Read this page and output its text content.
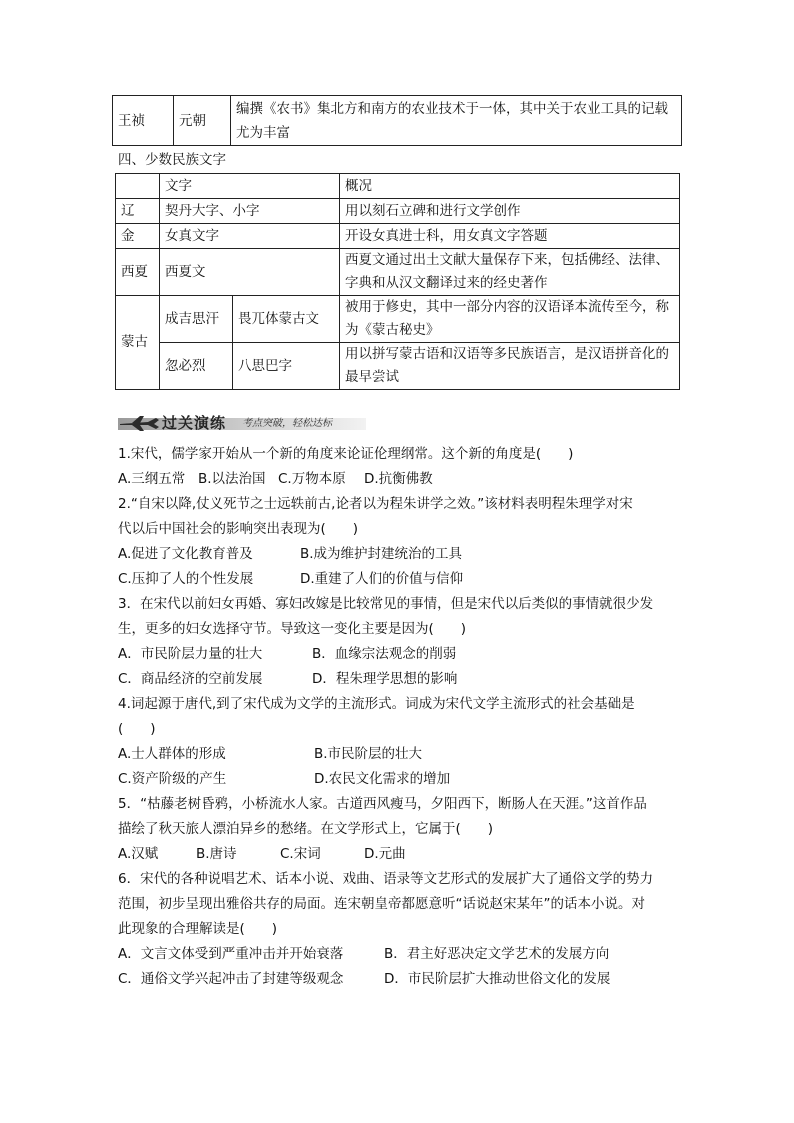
王祯	元朝	编撰《农书》集北方和南方的农业技术于一体，其中关于农业工具的记载尤为丰富
四、少数民族文字
	文字		概况
辽	契丹大字、小字		用以刻石立碑和进行文学创作
金	女真文字		开设女真进士科，用女真文字答题
西夏	西夏文		西夏文通过出土文献大量保存下来，包括佛经、法律、字典和从汉文翻译过来的经史著作
蒙古	成吉思汗	畏兀体蒙古文	被用于修史，其中一部分内容的汉语译本流传至今，称为《蒙古秘史》
	忽必烈	八思巴字	用以拼写蒙古语和汉语等多民族语言，是汉语拼音化的最早尝试
过关演练 考点突破，轻松达标
1.宋代，儒学家开始从一个新的角度来论证伦理纲常。这个新的角度是(　　)
A.三纲五常 B.以法治国 C.万物本原	D.抗衡佛教
2.“自宋以降,仗义死节之士远轶前古,论者以为程朱讲学之效。”该材料表明程朱理学对宋
代以后中国社会的影响突出表现为(　　)
A.促进了文化教育普及	B.成为维护封建统治的工具
C.压抑了人的个性发展	D.重建了人们的价值与信仰
3．在宋代以前妇女再婚、寡妇改嫁是比较常见的事情，但是宋代以后类似的事情就很少发
生，更多的妇女选择守节。导致这一变化主要是因为(　　)
A．市民阶层力量的壮大	B．血缘宗法观念的削弱
C．商品经济的空前发展	D．程朱理学思想的影响
4.词起源于唐代,到了宋代成为文学的主流形式。词成为宋代文学主流形式的社会基础是
(　　)
A.士人群体的形成	B.市民阶层的壮大
C.资产阶级的产生	D.农民文化需求的增加
5．“枯藤老树昏鸦，小桥流水人家。古道西风瘦马，夕阳西下，断肠人在天涯。”这首作品
描绘了秋天旅人漂泊异乡的愁绪。在文学形式上，它属于(　　)
A.汉赋	B.唐诗	C.宋词	D.元曲
6．宋代的各种说唱艺术、话本小说、戏曲、语录等文艺形式的发展扩大了通俗文学的势力
范围，初步呈现出雅俗共存的局面。连宋朝皇帝都愿意听“话说赵宋某年”的话本小说。对
此现象的合理解读是(　　)
A．文言文体受到严重冲击并开始衰落	B．君主好恶决定文学艺术的发展方向
C．通俗文学兴起冲击了封建等级观念	D．市民阶层扩大推动世俗文化的发展
